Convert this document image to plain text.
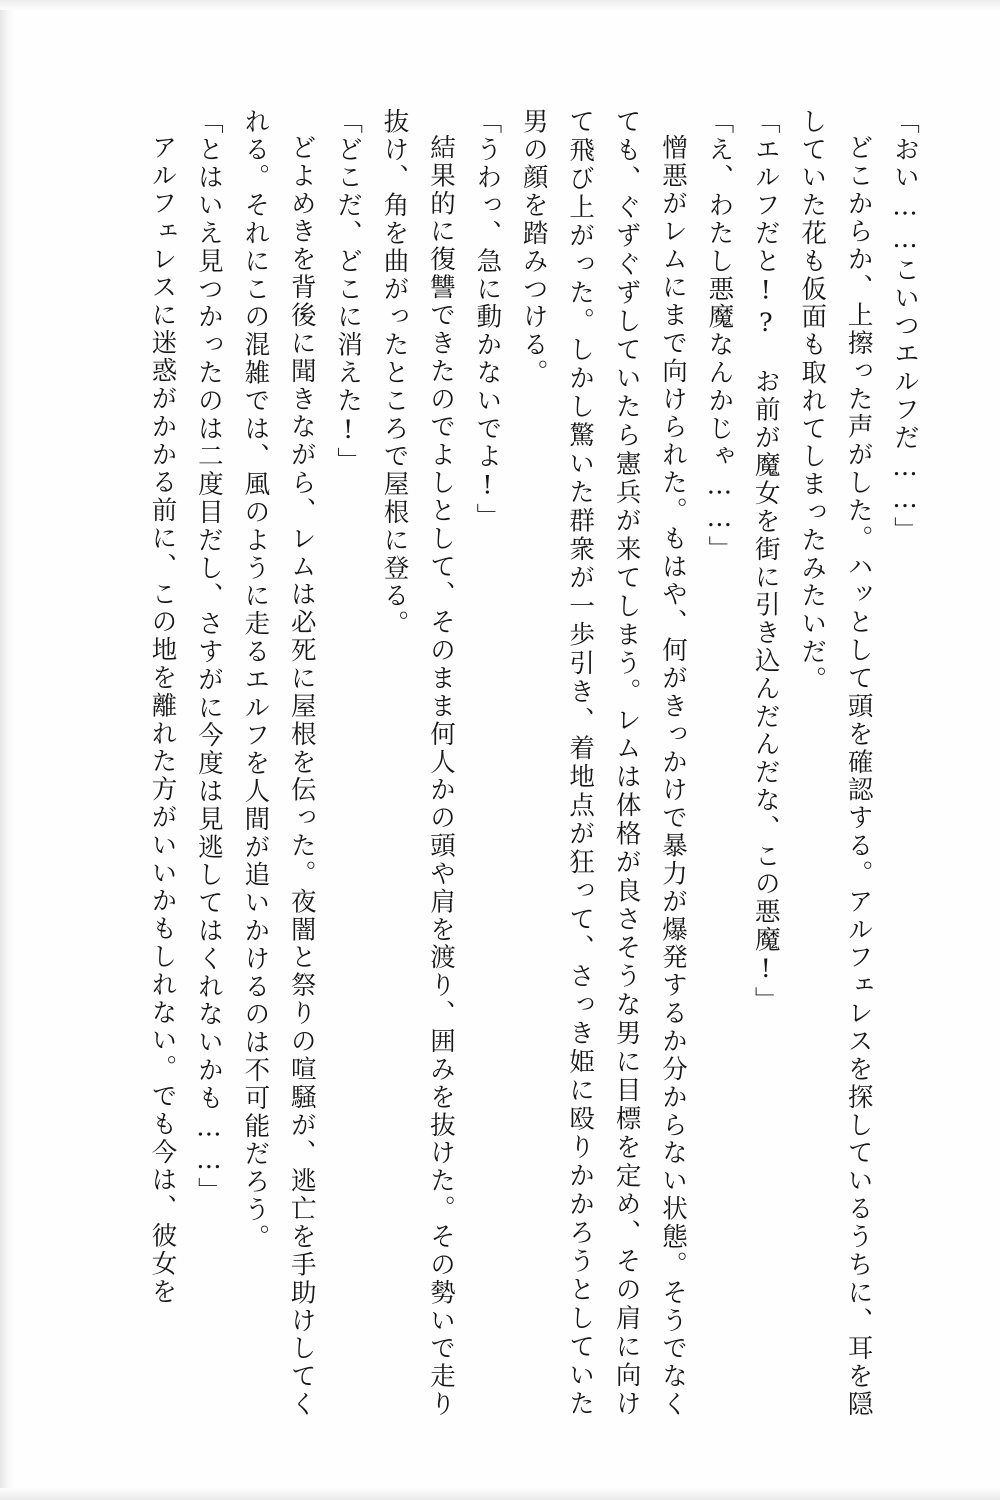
「おい……こいつエルフだ……」

どこからか、上擦った声がした。ハッとして頭を確認する。アルフェレスを探しているうちに、耳を隠していた花も仮面も取れてしまったみたいだ。

「エルフだと!?　お前が魔女を街に引き込んだんだな、この悪魔!」

「え、わたし悪魔なんかじゃ……」

憎悪がレムにまで向けられた。もはや、何がきっかけで暴力が爆発するか分からない状態。そうでなくても、ぐずぐずしていたら憲兵が来てしまう。レムは体格が良さそうな男に目標を定め、その肩に向けて飛び上がった。しかし驚いた群衆が一歩引き、着地点が狂って、さっき姫に殴りかかろうとしていた男の顔を踏みつける。

「うわっ、急に動かないでよ!」

結果的に復讐できたのでよしとして、そのまま何人かの頭や肩を渡り、囲みを抜けた。その勢いで走り抜け、角を曲がったところで屋根に登る。

「どこだ、どこに消えた!」

どよめきを背後に聞きながら、レムは必死に屋根を伝った。夜闇と祭りの喧騒が、逃亡を手助けしてくれる。それにこの混雑では、風のように走るエルフを人間が追いかけるのは不可能だろう。

「とはいえ見つかったのは二度目だし、さすがに今度は見逃してはくれないかも……」

アルフェレスに迷惑がかかる前に、この地を離れた方がいいかもしれない。でも今は、彼女を
